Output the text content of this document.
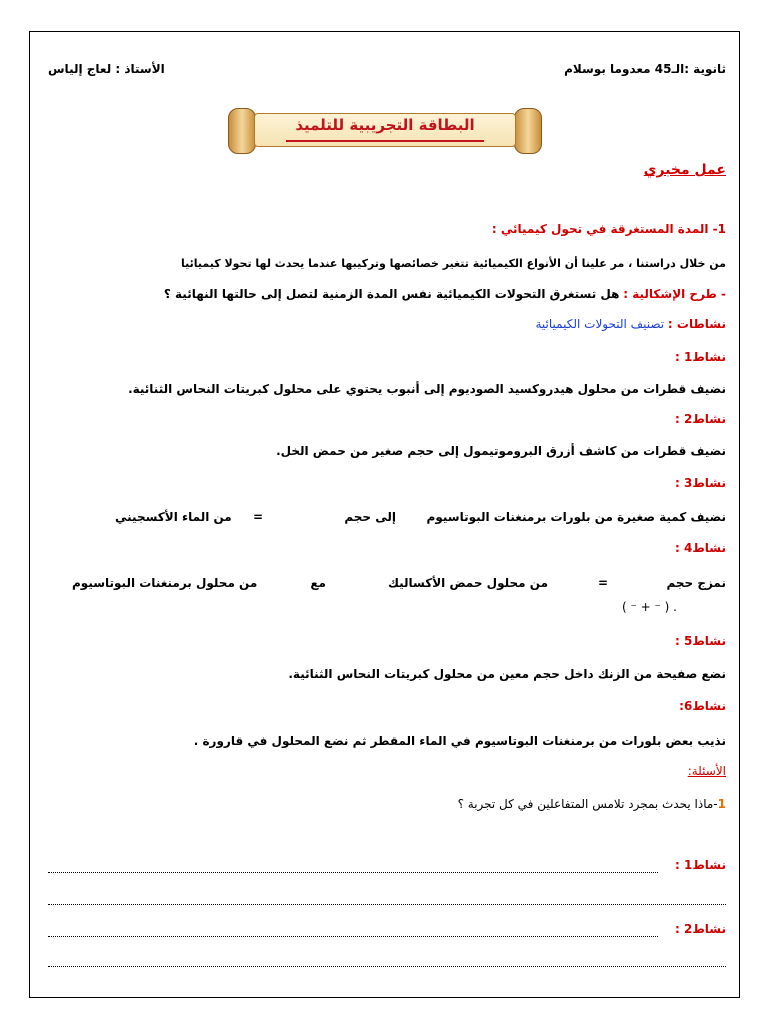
ثانوية :الـ45 معدوما بوسلام
الأستاذ : لعاج إلياس
البطاقة التجريبية للتلميذ
عمل مخبري
1- المدة المستغرقة في تحول كيميائي :
من خلال دراستنا ، مر علينا أن الأنواع الكيميائية تتغير خصائصها وتركيبها عندما يحدث لها تحولا كيميائيا
- طرح الإشكالية : هل تستغرق التحولات الكيميائية نفس المدة الزمنية لتصل إلى حالتها النهائية ؟
نشاطات : تصنيف التحولات الكيميائية
نشاط1 :
نضيف قطرات من محلول هيدروكسيد الصوديوم إلى أنبوب يحتوي على محلول كبريتات النحاس الثنائية.
نشاط2 :
نضيف قطرات من كاشف أزرق البروموتيمول إلى حجم صغير من حمض الخل.
نشاط3 :
نضيف كمية صغيرة من بلورات برمنغنات البوتاسيوم
إلى حجم
=
من الماء الأكسجيني
نشاط4 :
نمزج حجم
=
من محلول حمض الأكساليك
مع
من محلول برمنغنات البوتاسيوم
( ⁻ + ⁻ ) .
نشاط5 :
نضع صفيحة من الزنك داخل حجم معين من محلول كبريتات النحاس الثنائية.
نشاط6:
نذيب بعض بلورات من برمنغنات البوتاسيوم في الماء المقطر ثم نضع المحلول في قارورة .
الأسئلة:
1-ماذا يحدث بمجرد تلامس المتفاعلين في كل تجربة ؟
نشاط1 :
نشاط2 :
